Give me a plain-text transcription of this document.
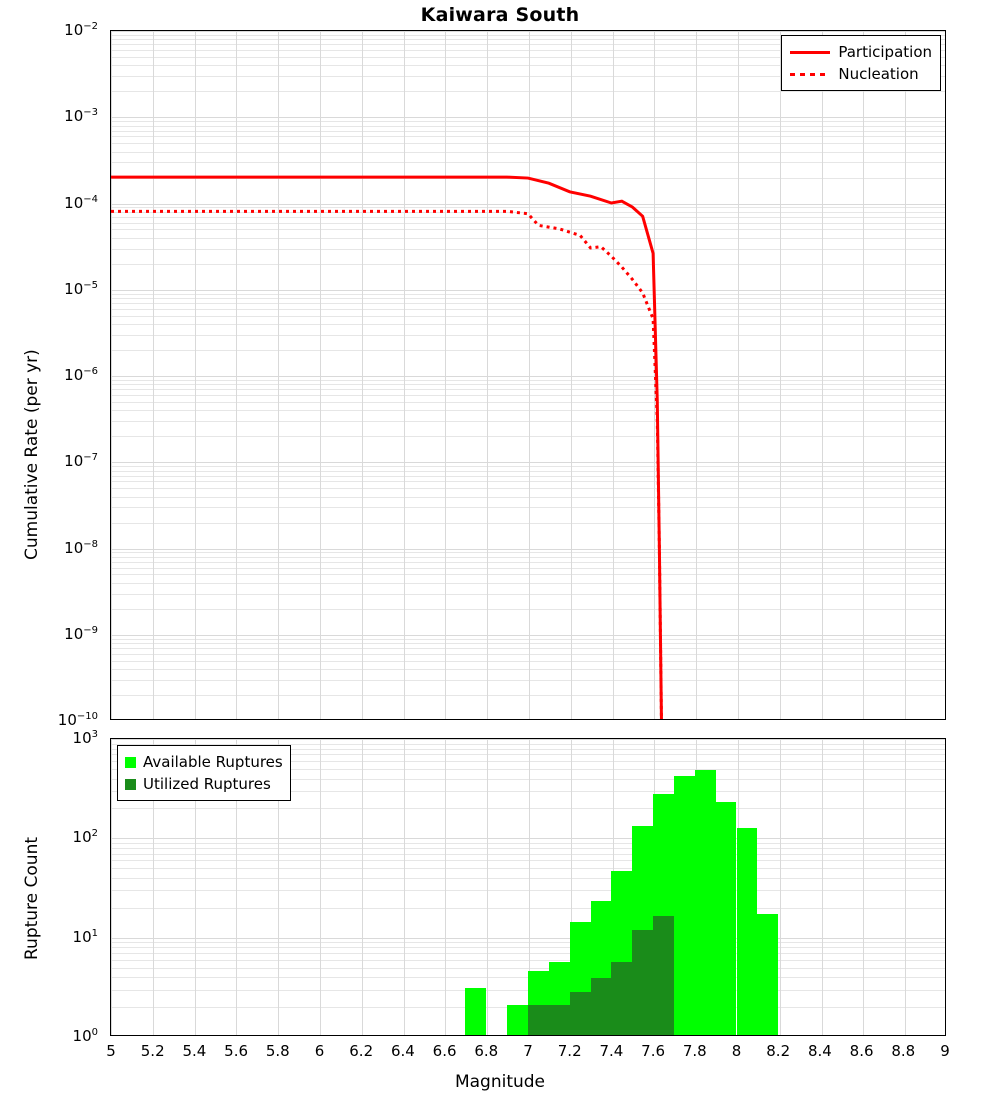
Kaiwara South
Participation
Nucleation
Cumulative Rate (per yr)
Available Ruptures
Utilized Ruptures
Rupture Count
Magnitude
$10^{-10}$
$10^{-9}$
$10^{-8}$
$10^{-7}$
$10^{-6}$
$10^{-5}$
$10^{-4}$
$10^{-3}$
$10^{-2}$
$10^0$
$10^1$
$10^2$
$10^3$
5 5.2 5.4 5.6 5.8 6 6.2 6.4 6.6 6.8 7 7.2 7.4 7.6 7.8 8 8.2 8.4 8.6 8.8 9
